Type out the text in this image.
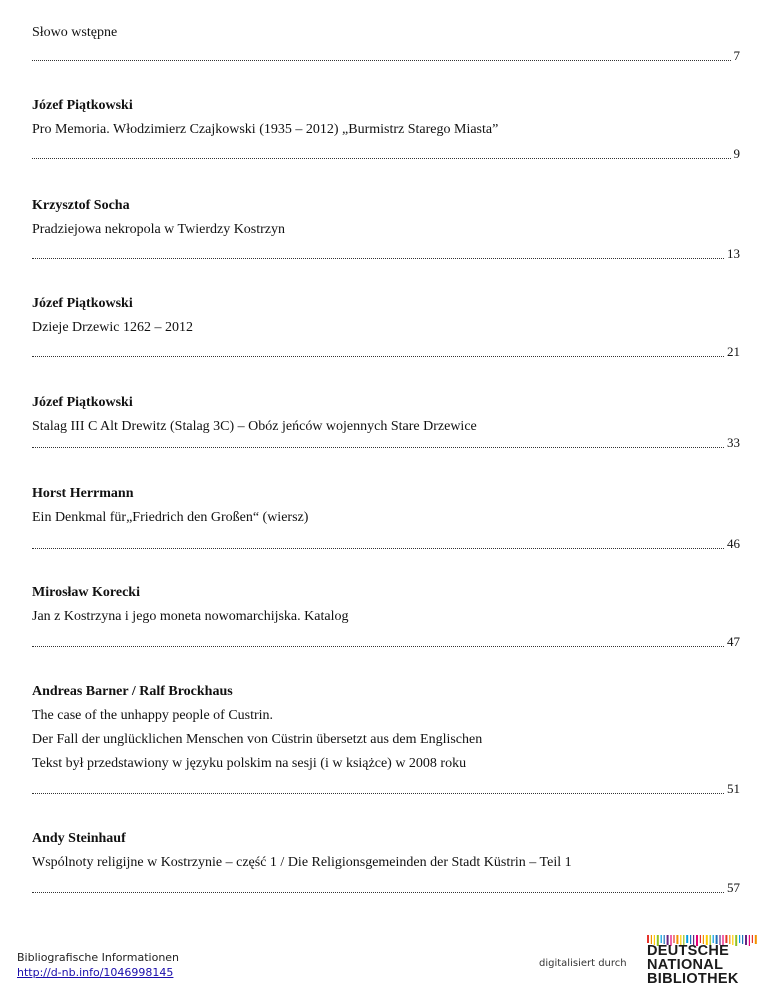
Słowo wstępne
7
Józef Piątkowski
Pro Memoria. Włodzimierz Czajkowski (1935 – 2012) „Burmistrz Starego Miasta”
9
Krzysztof Socha
Pradziejowa nekropola w Twierdzy Kostrzyn
13
Józef Piątkowski
Dzieje Drzewic 1262 – 2012
21
Józef Piątkowski
Stalag III C Alt Drewitz (Stalag 3C) – Obóz jeńców wojennych Stare Drzewice
33
Horst Herrmann
Ein Denkmal für„Friedrich den Großen“ (wiersz)
46
Mirosław Korecki
Jan z Kostrzyna i jego moneta nowomarchijska. Katalog
47
Andreas Barner / Ralf Brockhaus
The case of the unhappy people of Custrin.
Der Fall der unglücklichen Menschen von Cüstrin übersetzt aus dem Englischen
Tekst był przedstawiony w języku polskim na sesji (i w książce) w 2008 roku
51
Andy Steinhauf
Wspólnoty religijne w Kostrzynie – część 1 / Die Religionsgemeinden der Stadt Küstrin – Teil 1
57
Bibliografische Informationen
http://d-nb.info/1046998145
digitalisiert durch
DEUTSCHE
NATIONAL
BIBLIOTHEK
